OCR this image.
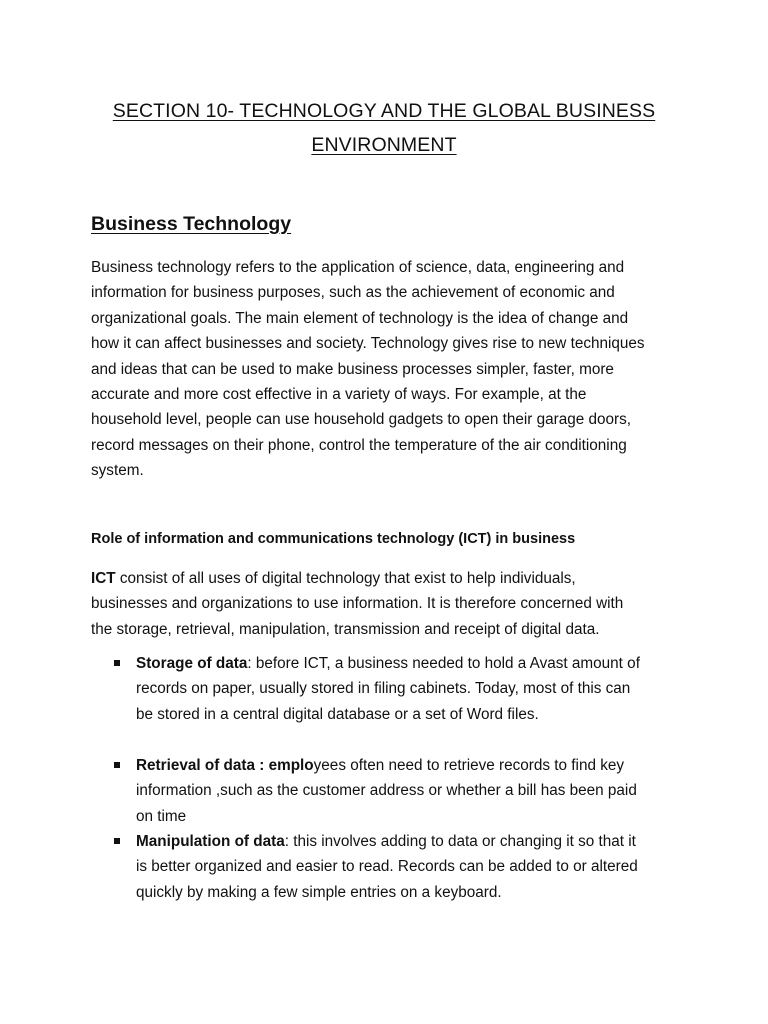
SECTION 10- TECHNOLOGY AND THE GLOBAL BUSINESS
ENVIRONMENT
Business Technology
Business technology refers to the application of science, data, engineering and
information for business purposes, such as the achievement of economic and
organizational goals. The main element of technology is the idea of change and
how it can affect businesses and society. Technology gives rise to new techniques
and ideas that can be used to make business processes simpler, faster, more
accurate and more cost effective in a variety of ways. For example, at the
household level, people can use household gadgets to open their garage doors,
record messages on their phone, control the temperature of the air conditioning
system.
Role of information and communications technology (ICT) in business
ICT consist of all uses of digital technology that exist to help individuals,
businesses and organizations to use information. It is therefore concerned with
the storage, retrieval, manipulation, transmission and receipt of digital data.
Storage of data: before ICT, a business needed to hold a Avast amount of
records on paper, usually stored in filing cabinets. Today, most of this can
be stored in a central digital database or a set of Word files.
Retrieval of data : employees often need to retrieve records to find key
information ,such as the customer address or whether a bill has been paid
on time
Manipulation of data: this involves adding to data or changing it so that it
is better organized and easier to read. Records can be added to or altered
quickly by making a few simple entries on a keyboard.
